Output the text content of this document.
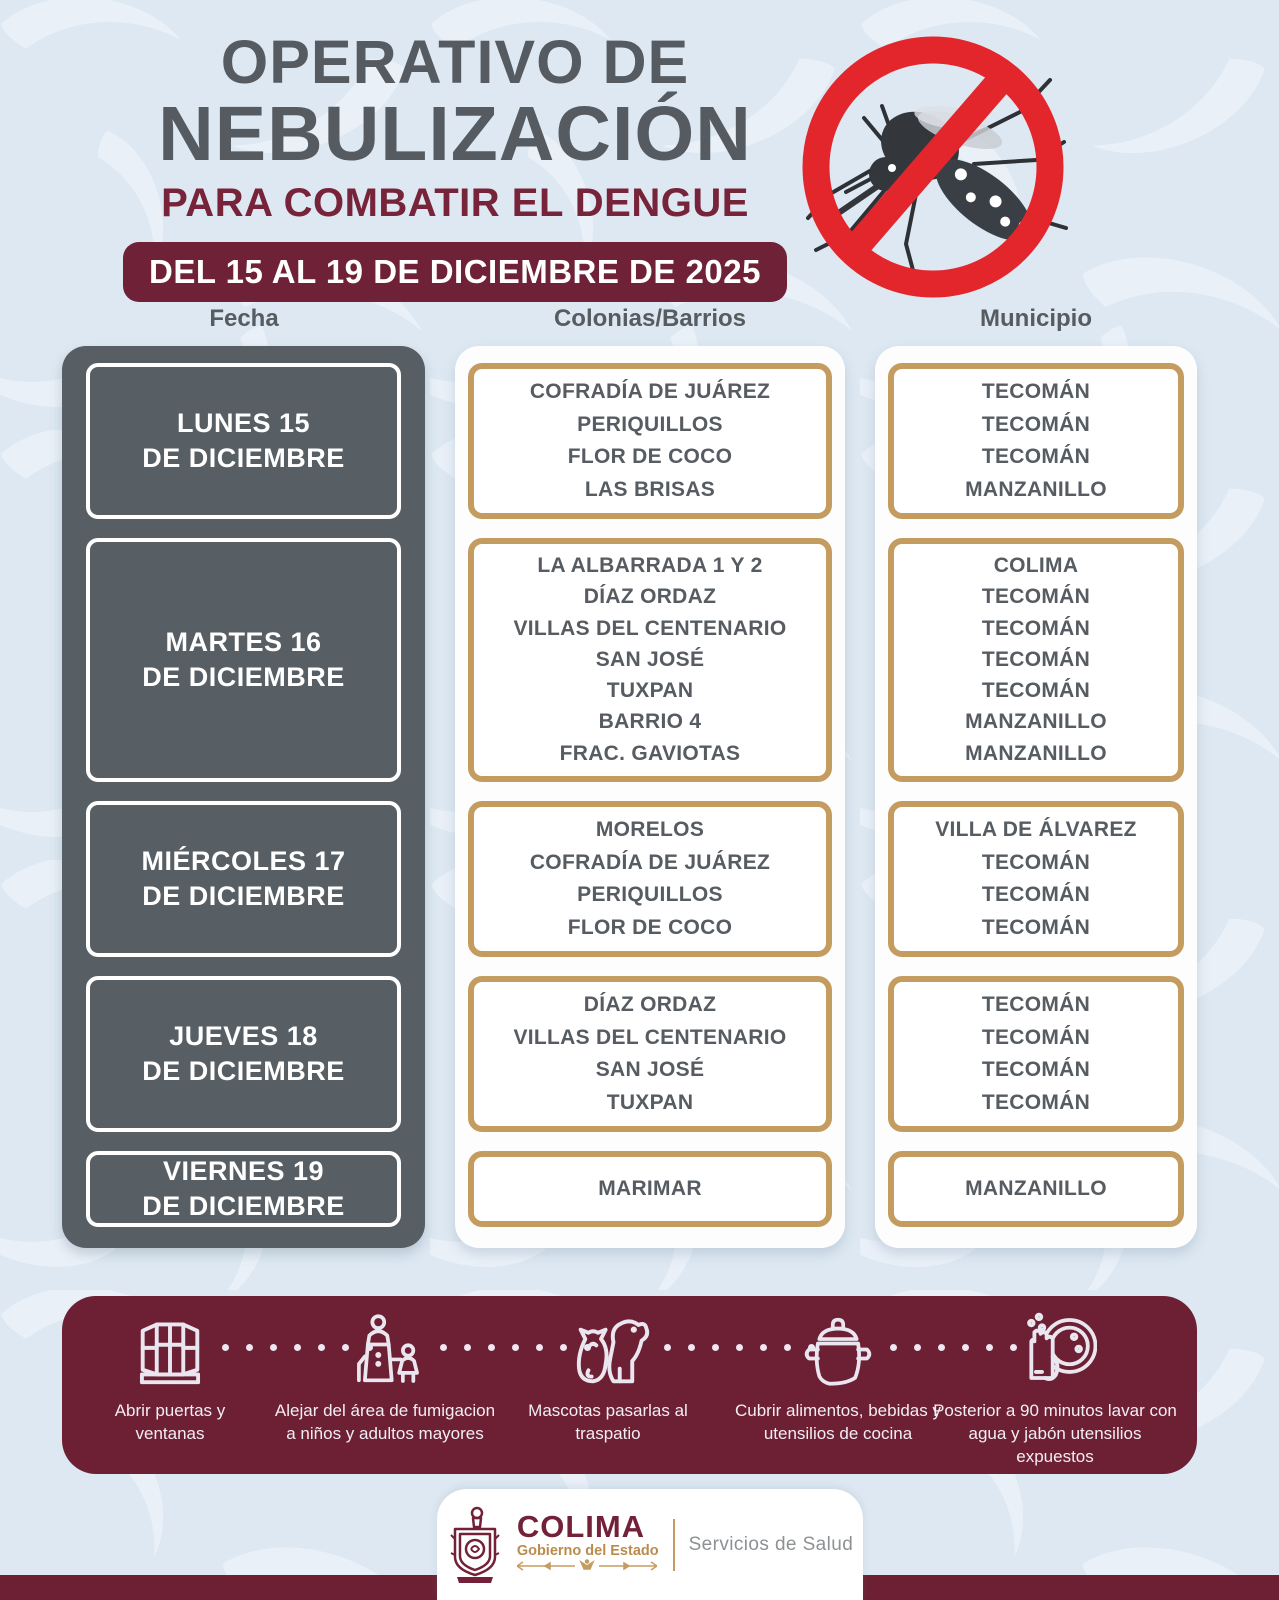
OPERATIVO DE
NEBULIZACIÓN
PARA COMBATIR EL DENGUE
DEL 15 AL 19 DE DICIEMBRE DE 2025
Fecha	Colonias/Barrios	Municipio
LUNES 15
DE DICIEMBRE
MARTES 16
DE DICIEMBRE
MIÉRCOLES 17
DE DICIEMBRE
JUEVES 18
DE DICIEMBRE
VIERNES 19
DE DICIEMBRE
COFRADÍA DE JUÁREZ
PERIQUILLOS
FLOR DE COCO
LAS BRISAS
LA ALBARRADA 1 Y 2
DÍAZ ORDAZ
VILLAS DEL CENTENARIO
SAN JOSÉ
TUXPAN
BARRIO 4
FRAC. GAVIOTAS
MORELOS
COFRADÍA DE JUÁREZ
PERIQUILLOS
FLOR DE COCO
DÍAZ ORDAZ
VILLAS DEL CENTENARIO
SAN JOSÉ
TUXPAN
MARIMAR
TECOMÁN
TECOMÁN
TECOMÁN
MANZANILLO
COLIMA
TECOMÁN
TECOMÁN
TECOMÁN
TECOMÁN
MANZANILLO
MANZANILLO
VILLA DE ÁLVAREZ
TECOMÁN
TECOMÁN
TECOMÁN
TECOMÁN
TECOMÁN
TECOMÁN
TECOMÁN
MANZANILLO
Abrir puertas y ventanas
Alejar del área de fumigacion a niños y adultos mayores
Mascotas pasarlas al traspatio
Cubrir alimentos, bebidas y utensilios de cocina
Posterior a 90 minutos lavar con agua y jabón utensilios expuestos
COLIMA
Gobierno del Estado Servicios de Salud
